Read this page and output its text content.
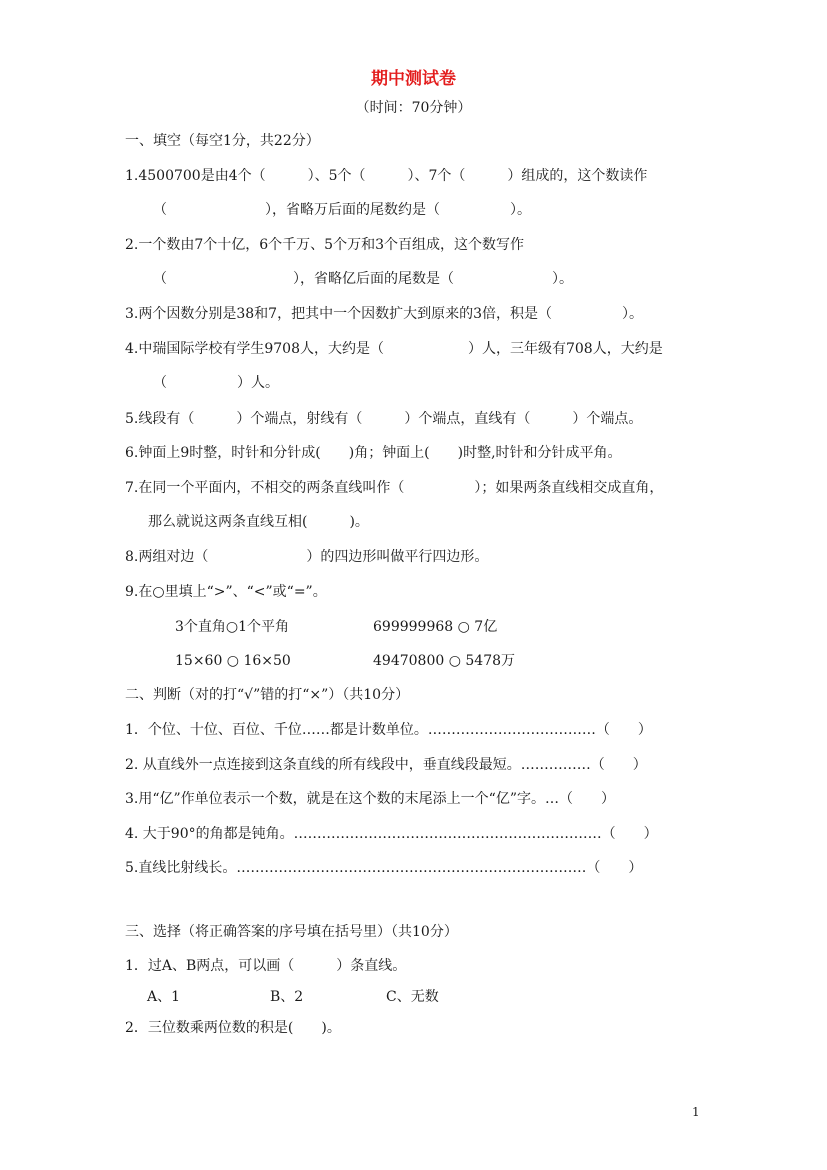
期中测试卷
（时间：70分钟）
一、填空（每空1分，共22分）
1.4500700是由4个（　　　）、5个（　　　）、7个（　　　）组成的，这个数读作
（　　　　　　　），省略万后面的尾数约是（　　　　　）。
2.一个数由7个十亿，6个千万、5个万和3个百组成，这个数写作
（　　　　　　　　　），省略亿后面的尾数是（　　　　　　　）。
3.两个因数分别是38和7，把其中一个因数扩大到原来的3倍，积是（　　　　　）。
4.中瑞国际学校有学生9708人，大约是（　　　　　　）人，三年级有708人，大约是
（　　　　　）人。
5.线段有（　　　）个端点，射线有（　　　）个端点，直线有（　　　）个端点。
6.钟面上9时整，时针和分针成(　　)角；钟面上(　　)时整,时针和分针成平角。
7.在同一个平面内，不相交的两条直线叫作（　　　　　）；如果两条直线相交成直角，
那么就说这两条直线互相(　　　)。
8.两组对边（　　　　　　　）的四边形叫做平行四边形。
9.在○里填上“>”、“<”或“=”。
3个直角○1个平角	699999968 ○ 7亿
15×60 ○ 16×50	49470800 ○ 5478万
二、判断（对的打“√”错的打“×”）（共10分）
1．个位、十位、百位、千位……都是计数单位。………………………………（　　）
2. 从直线外一点连接到这条直线的所有线段中，垂直线段最短。……………（　　）
3.用“亿”作单位表示一个数，就是在这个数的末尾添上一个“亿”字。…（　　）
4. 大于90°的角都是钝角。…………………………………………………………（　　）
5.直线比射线长。…………………………………………………………………（　　）
三、选择（将正确答案的序号填在括号里）（共10分）
1．过A、B两点，可以画（　　　）条直线。
A、1	B、2	C、无数
2．三位数乘两位数的积是(　　)。
1
